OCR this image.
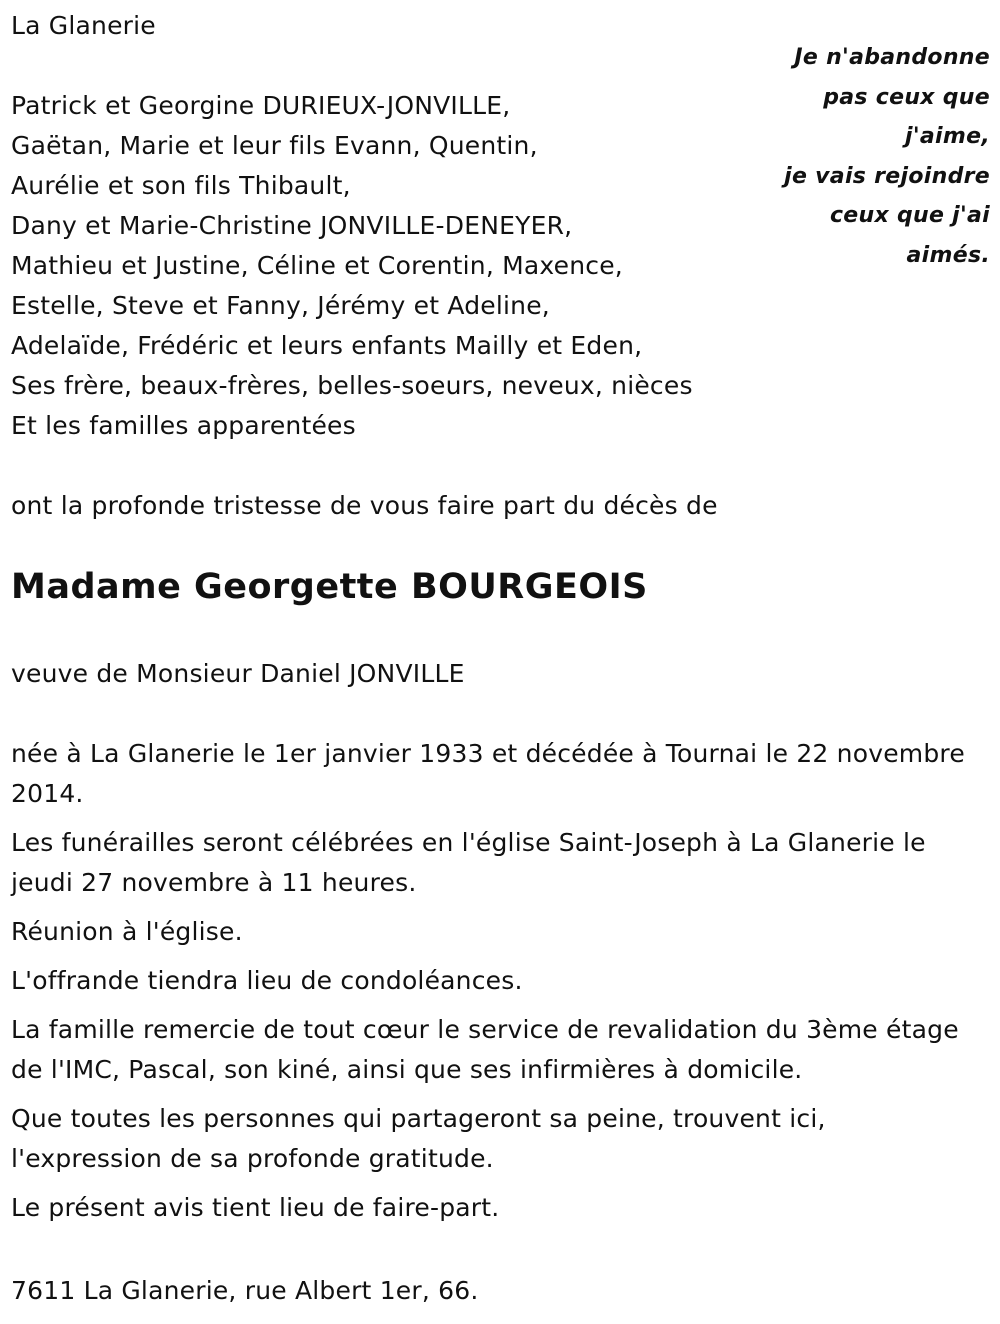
La Glanerie

Je n'abandonne
pas ceux que
j'aime,
je vais rejoindre
ceux que j'ai
aimés.
Patrick et Georgine DURIEUX-JONVILLE,
Gaëtan, Marie et leur fils Evann, Quentin,
Aurélie et son fils Thibault,
Dany et Marie-Christine JONVILLE-DENEYER,
Mathieu et Justine, Céline et Corentin, Maxence,
Estelle, Steve et Fanny, Jérémy et Adeline,
Adelaïde, Frédéric et leurs enfants Mailly et Eden,
Ses frère, beaux-frères, belles-soeurs, neveux, nièces
Et les familles apparentées

ont la profonde tristesse de vous faire part du décès de

Madame Georgette BOURGEOIS

veuve de Monsieur Daniel JONVILLE

née à La Glanerie le 1er janvier 1933 et décédée à Tournai le 22 novembre 2014.
Les funérailles seront célébrées en l'église Saint-Joseph à La Glanerie le jeudi 27 novembre à 11 heures.
Réunion à l'église.
L'offrande tiendra lieu de condoléances.
La famille remercie de tout cœur le service de revalidation du 3ème étage de l'IMC, Pascal, son kiné, ainsi que ses infirmières à domicile.
Que toutes les personnes qui partageront sa peine, trouvent ici, l'expression de sa profonde gratitude.
Le présent avis tient lieu de faire-part.

7611 La Glanerie, rue Albert 1er, 66.
